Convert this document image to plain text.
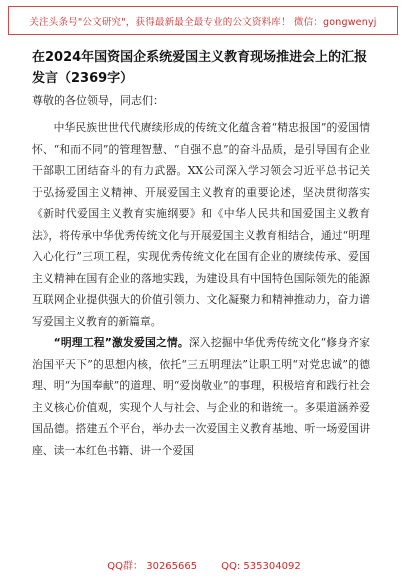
关注头条号"公文研究"，获得最新最全最专业的公文资料库！ 微信：gongwenyj
在2024年国资国企系统爱国主义教育现场推进会上的汇报发言（2369字）
尊敬的各位领导，同志们：

中华民族世世代代赓续形成的传统文化蕴含着“精忠报国”的爱国情怀、“和而不同”的管理智慧、“自强不息”的奋斗品质，是引导国有企业干部职工团结奋斗的有力武器。XX公司深入学习领会习近平总书记关于弘扬爱国主义精神、开展爱国主义教育的重要论述，坚决贯彻落实《新时代爱国主义教育实施纲要》和《中华人民共和国爱国主义教育法》，将传承中华优秀传统文化与开展爱国主义教育相结合，通过“明理入心化行”三项工程，实现优秀传统文化在国有企业的赓续传承、爱国主义精神在国有企业的落地实践，为建设具有中国特色国际领先的能源互联网企业提供强大的价值引领力、文化凝聚力和精神推动力，奋力谱写爱国主义教育的新篇章。

“明理工程”激发爱国之情。深入挖掘中华优秀传统文化“修身齐家治国平天下”的思想内核，依托“三五明理法”让职工明“对党忠诚”的德理、明“为国奉献”的道理、明“爱岗敬业”的事理，积极培育和践行社会主义核心价值观，实现个人与社会、与企业的和谐统一。多渠道涵养爱国品德。搭建五个平台，举办去一次爱国主义教育基地、听一场爱国讲座、读一本红色书籍、讲一个爱国

QQ群： 30265665 QQ: 535304092
